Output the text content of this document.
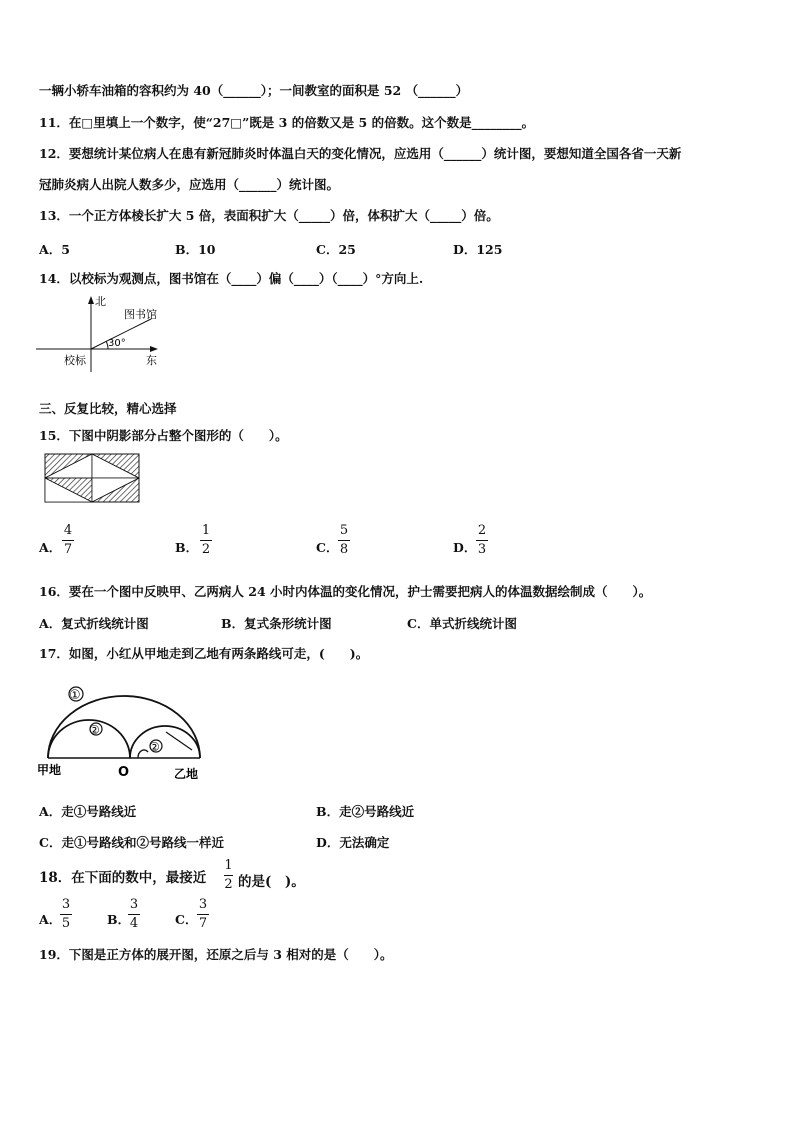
一辆小轿车油箱的容积约为 40（______）；一间教室的面积是 52 （______）
11．在□里填上一个数字，使“27□”既是 3 的倍数又是 5 的倍数。这个数是________。
12．要想统计某位病人在患有新冠肺炎时体温白天的变化情况，应选用（______）统计图，要想知道全国各省一天新
冠肺炎病人出院人数多少，应选用（______）统计图。
13．一个正方体棱长扩大 5 倍，表面积扩大（_____）倍，体积扩大（_____）倍。
A．5	B．10	C．25	D．125
14．以校标为观测点，图书馆在（____）偏（____）（____）°方向上.
北
东
校标
图书馆
30°
三、反复比较，精心选择
15．下图中阴影部分占整个图形的（　　）。
A．
4
7	B．
1
2	C．
5
8	D．
2
3
16．要在一个图中反映甲、乙两病人 24 小时内体温的变化情况，护士需要把病人的体温数据绘制成（　　）。
A．复式折线统计图	B．复式条形统计图	C．单式折线统计图
17．如图，小红从甲地走到乙地有两条路线可走，(　　)。
①
②
②
甲地	O	乙地
A．走①号路线近	B．走②号路线近
C．走①号路线和②号路线一样近	D．无法确定
18．在下面的数中，最接近
1
2 的是(　)。
A．
3
5	B．
3
4	C．
3
7
19．下图是正方体的展开图，还原之后与 3 相对的是（　　）。
